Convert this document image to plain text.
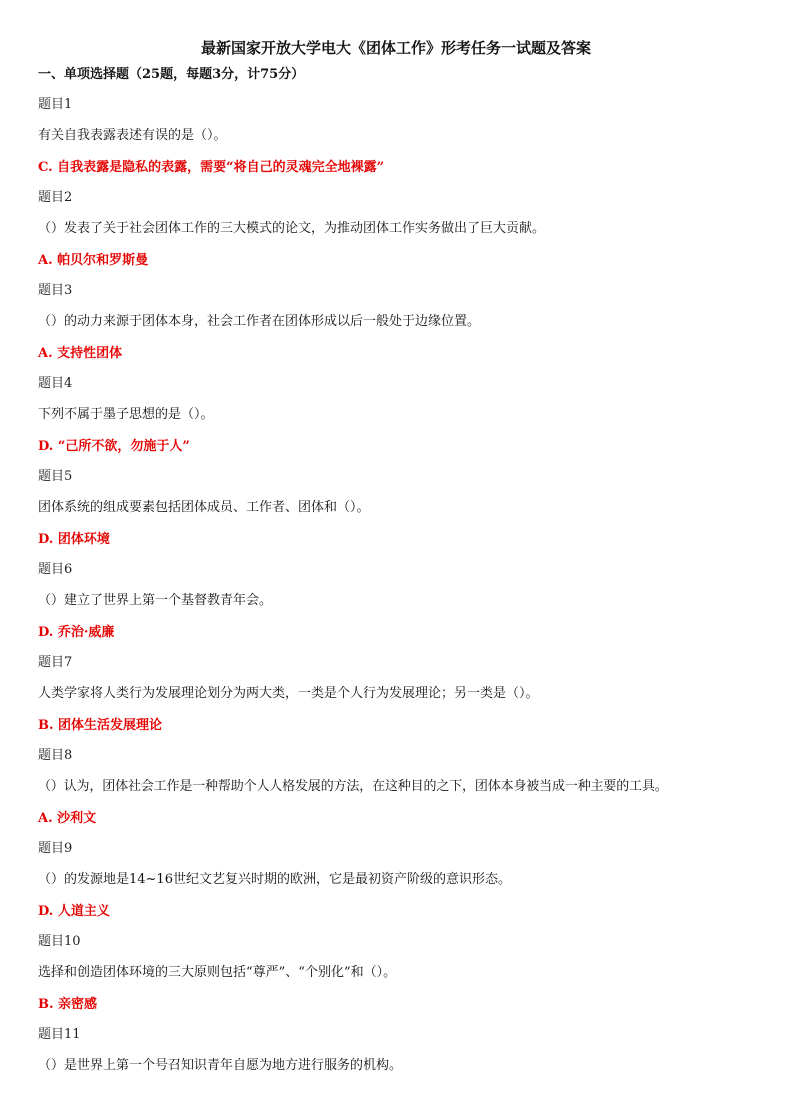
最新国家开放大学电大《团体工作》形考任务一试题及答案
一、单项选择题（25题，每题3分，计75分）
题目1
有关自我表露表述有误的是（）。
C. 自我表露是隐私的表露，需要“将自己的灵魂完全地裸露”
题目2
（）发表了关于社会团体工作的三大模式的论文，为推动团体工作实务做出了巨大贡献。
A. 帕贝尔和罗斯曼
题目3
（）的动力来源于团体本身，社会工作者在团体形成以后一般处于边缘位置。
A. 支持性团体
题目4
下列不属于墨子思想的是（）。
D. “己所不欲，勿施于人”
题目5
团体系统的组成要素包括团体成员、工作者、团体和（）。
D. 团体环境
题目6
（）建立了世界上第一个基督教青年会。
D. 乔治·威廉
题目7
人类学家将人类行为发展理论划分为两大类，一类是个人行为发展理论；另一类是（）。
B. 团体生活发展理论
题目8
（）认为，团体社会工作是一种帮助个人人格发展的方法，在这种目的之下，团体本身被当成一种主要的工具。
A. 沙利文
题目9
（）的发源地是14~16世纪文艺复兴时期的欧洲，它是最初资产阶级的意识形态。
D. 人道主义
题目10
选择和创造团体环境的三大原则包括“尊严”、“个别化”和（）。
B. 亲密感
题目11
（）是世界上第一个号召知识青年自愿为地方进行服务的机构。
